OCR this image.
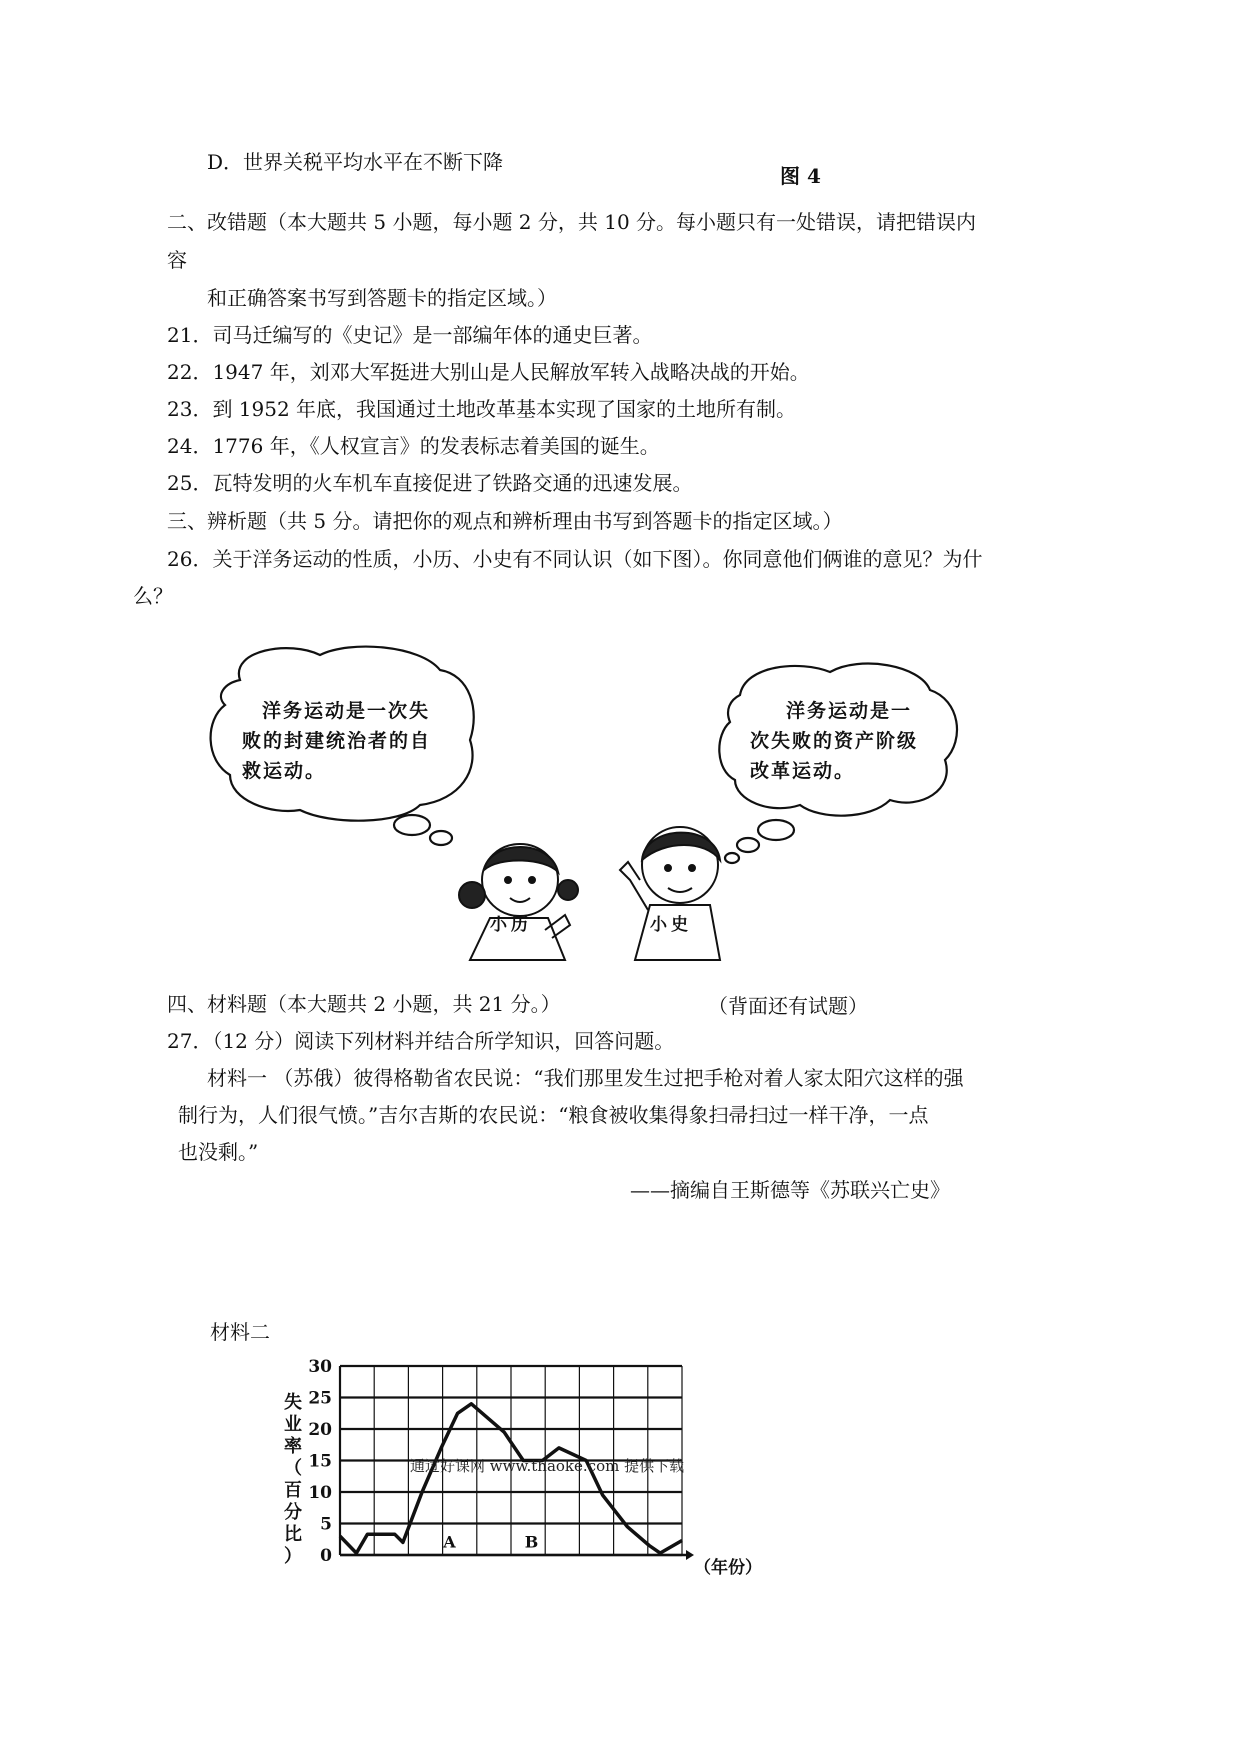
D．世界关税平均水平在不断下降
图 4
二、改错题（本大题共 5 小题，每小题 2 分，共 10 分。每小题只有一处错误，请把错误内
容
和正确答案书写到答题卡的指定区域。）
21．司马迁编写的《史记》是一部编年体的通史巨著。
22．1947 年，刘邓大军挺进大别山是人民解放军转入战略决战的开始。
23．到 1952 年底，我国通过土地改革基本实现了国家的土地所有制。
24．1776 年，《人权宣言》的发表标志着美国的诞生。
25．瓦特发明的火车机车直接促进了铁路交通的迅速发展。
三、辨析题（共 5 分。请把你的观点和辨析理由书写到答题卡的指定区域。）
26．关于洋务运动的性质，小历、小史有不同认识（如下图）。你同意他们俩谁的意见？为什
么？
洋务运动是一次失
败的封建统治者的自
救运动。
洋务运动是一
次失败的资产阶级
改革运动。
小历	小史
四、材料题（本大题共 2 小题，共 21 分。）	（背面还有试题）
27．（12 分）阅读下列材料并结合所学知识，回答问题。
材料一 （苏俄）彼得格勒省农民说：“我们那里发生过把手枪对着人家太阳穴这样的强
制行为，人们很气愤。”吉尔吉斯的农民说：“粮食被收集得象扫帚扫过一样干净，一点
也没剩。”
——摘编自王斯德等《苏联兴亡史》
材料二
0
5
10
15
20
25
30
失业率（百分比）
（年份）
A	B
通过好课网 www.thaoke.com 提供下载
